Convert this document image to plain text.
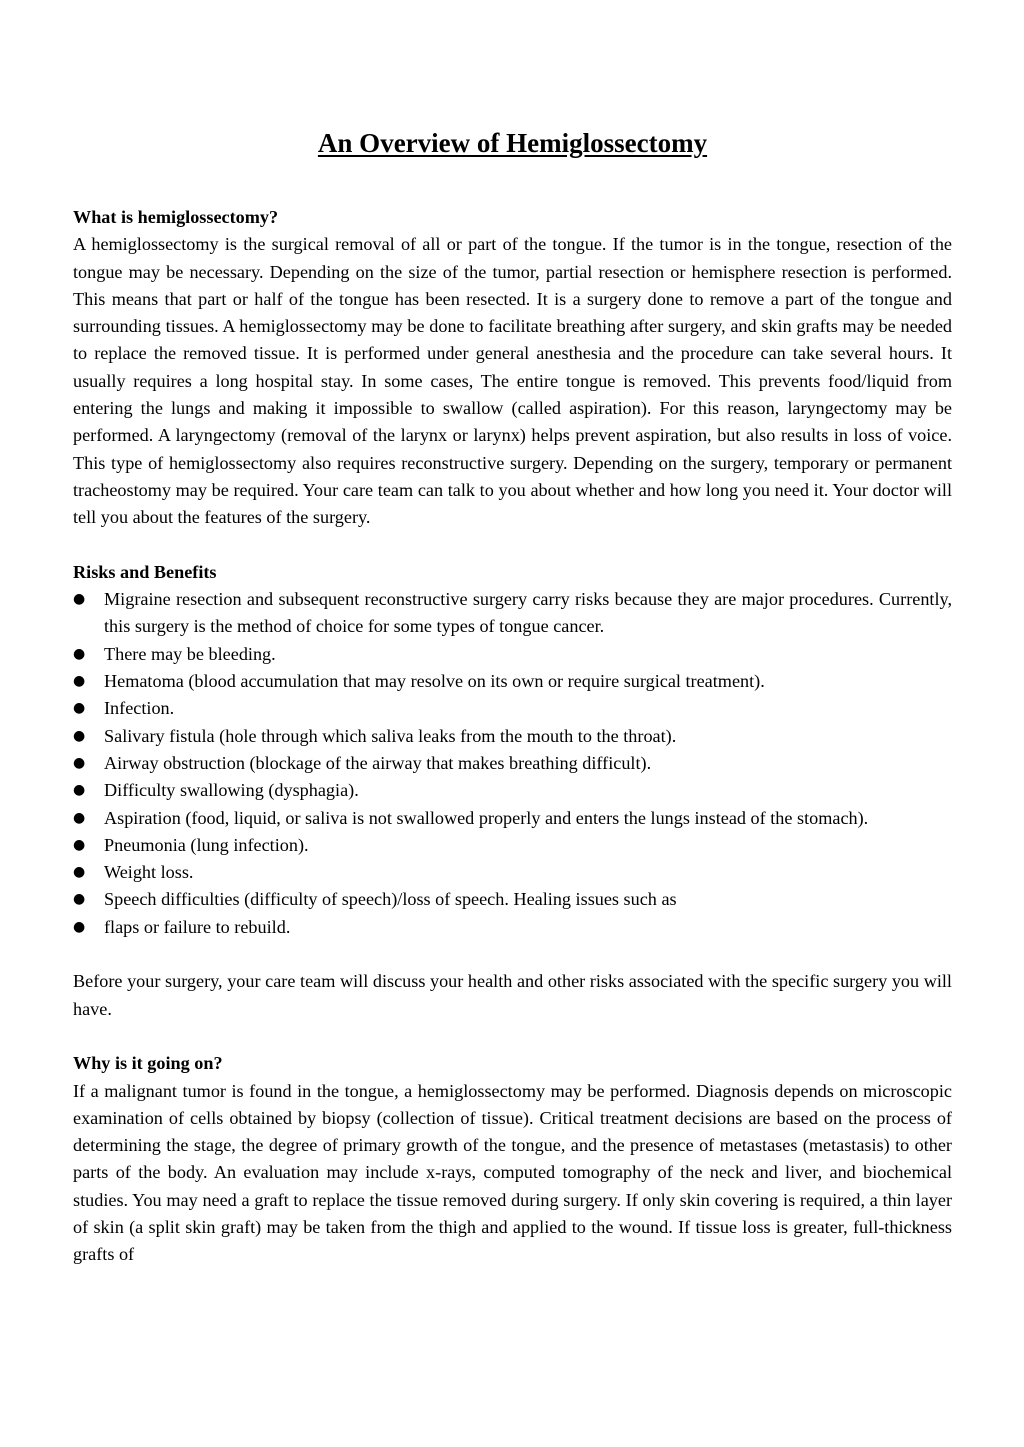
An Overview of Hemiglossectomy

What is hemiglossectomy?

A hemiglossectomy is the surgical removal of all or part of the tongue. If the tumor is in the tongue, resection of the tongue may be necessary. Depending on the size of the tumor, partial resection or hemisphere resection is performed. This means that part or half of the tongue has been resected. It is a surgery done to remove a part of the tongue and surrounding tissues. A hemiglossectomy may be done to facilitate breathing after surgery, and skin grafts may be needed to replace the removed tissue. It is performed under general anesthesia and the procedure can take several hours. It usually requires a long hospital stay. In some cases, The entire tongue is removed. This prevents food/liquid from entering the lungs and making it impossible to swallow (called aspiration). For this reason, laryngectomy may be performed. A laryngectomy (removal of the larynx or larynx) helps prevent aspiration, but also results in loss of voice. This type of hemiglossectomy also requires reconstructive surgery. Depending on the surgery, temporary or permanent tracheostomy may be required. Your care team can talk to you about whether and how long you need it. Your doctor will tell you about the features of the surgery.

Risks and Benefits

● Migraine resection and subsequent reconstructive surgery carry risks because they are major procedures. Currently, this surgery is the method of choice for some types of tongue cancer.
● There may be bleeding.
● Hematoma (blood accumulation that may resolve on its own or require surgical treatment).
● Infection.
● Salivary fistula (hole through which saliva leaks from the mouth to the throat).
● Airway obstruction (blockage of the airway that makes breathing difficult).
● Difficulty swallowing (dysphagia).
● Aspiration (food, liquid, or saliva is not swallowed properly and enters the lungs instead of the stomach).
● Pneumonia (lung infection).
● Weight loss.
● Speech difficulties (difficulty of speech)/loss of speech. Healing issues such as
● flaps or failure to rebuild.

Before your surgery, your care team will discuss your health and other risks associated with the specific surgery you will have.

Why is it going on?

If a malignant tumor is found in the tongue, a hemiglossectomy may be performed. Diagnosis depends on microscopic examination of cells obtained by biopsy (collection of tissue). Critical treatment decisions are based on the process of determining the stage, the degree of primary growth of the tongue, and the presence of metastases (metastasis) to other parts of the body. An evaluation may include x-rays, computed tomography of the neck and liver, and biochemical studies. You may need a graft to replace the tissue removed during surgery. If only skin covering is required, a thin layer of skin (a split skin graft) may be taken from the thigh and applied to the wound. If tissue loss is greater, full-thickness grafts of
